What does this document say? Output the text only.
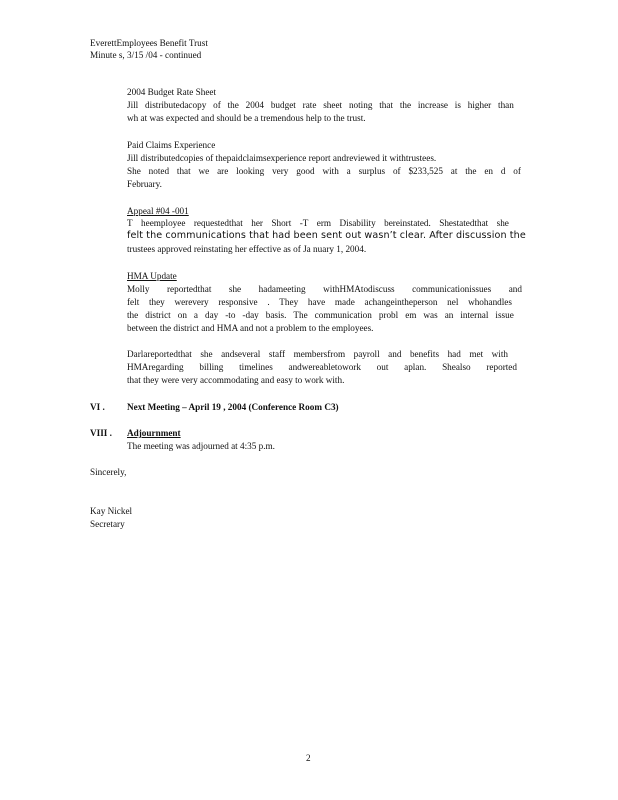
EverettEmployees Benefit Trust
Minute s, 3/15 /04 - continued
2004 Budget Rate Sheet
Jill distributedacopy of the 2004 budget rate sheet noting that the increase is higher than
wh at was expected and should be a tremendous help to the trust.
Paid Claims Experience
Jill distributedcopies of thepaidclaimsexperience report andreviewed it withtrustees.
She noted that we are looking very good with a surplus of $233,525 at the en d of
February.
Appeal #04 -001
T heemployee requestedthat her Short -T erm Disability bereinstated. Shestatedthat she
felt the communications that had been sent out wasn’t clear. After discussion the
trustees approved reinstating her effective as of Ja nuary 1, 2004.
HMA Update
Molly reportedthat she hadameeting withHMAtodiscuss communicationissues and
felt they werevery responsive . They have made achangeintheperson nel whohandles
the district on a day -to -day basis. The communication probl em was an internal issue
between the district and HMA and not a problem to the employees.
Darlareportedthat she andseveral staff membersfrom payroll and benefits had met with
HMAregarding billing timelines andwereabletowork out aplan. Shealso reported
that they were very accommodating and easy to work with.
VI . Next Meeting – April 19 , 2004 (Conference Room C3)
VIII . Adjournment
The meeting was adjourned at 4:35 p.m.
Sincerely,
Kay Nickel
Secretary
2
